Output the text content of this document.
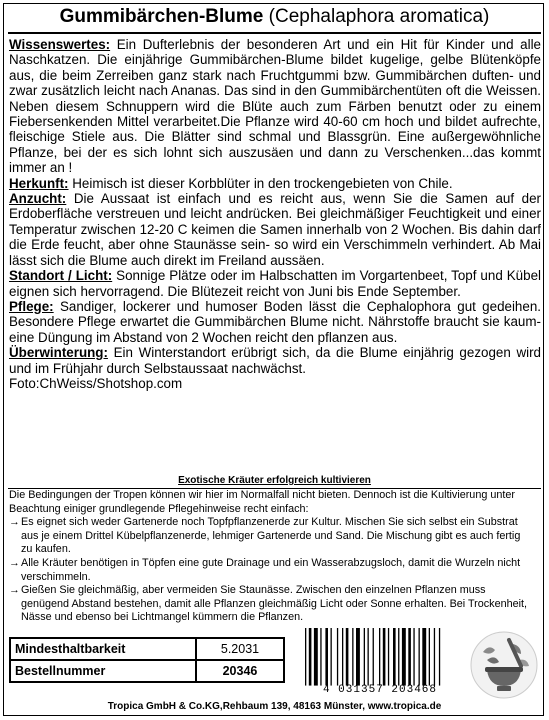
Gummibärchen-Blume (Cephalaphora aromatica)

Wissenswertes: Ein Dufterlebnis der besonderen Art und ein Hit für Kinder und alle Naschkatzen. Die einjährige Gummibärchen-Blume bildet kugelige, gelbe Blütenköpfe aus, die beim Zerreiben ganz stark nach Fruchtgummi bzw. Gummibärchen duften- und zwar zusätzlich leicht nach Ananas. Das sind in den Gummibärchentüten oft die Weissen. Neben diesem Schnuppern wird die Blüte auch zum Färben benutzt oder zu einem Fiebersenkenden Mittel verarbeitet.Die Pflanze wird 40-60 cm hoch und bildet aufrechte, fleischige Stiele aus. Die Blätter sind schmal und Blassgrün. Eine außergewöhnliche Pflanze, bei der es sich lohnt sich auszusäen und dann zu Verschenken...das kommt immer an !

Herkunft: Heimisch ist dieser Korbblüter in den trockengebieten von Chile.

Anzucht: Die Aussaat ist einfach und es reicht aus, wenn Sie die Samen auf der Erdoberfläche verstreuen und leicht andrücken. Bei gleichmäßiger Feuchtigkeit und einer Temperatur zwischen 12-20 C keimen die Samen innerhalb von 2 Wochen. Bis dahin darf die Erde feucht, aber ohne Staunässe sein- so wird ein Verschimmeln verhindert. Ab Mai lässt sich die Blume auch direkt im Freiland aussäen.

Standort / Licht: Sonnige Plätze oder im Halbschatten im Vorgartenbeet, Topf und Kübel eignen sich hervorragend. Die Blütezeit reicht von Juni bis Ende September.

Pflege: Sandiger, lockerer und humoser Boden lässt die Cephalophora gut gedeihen. Besondere Pflege erwartet die Gummibärchen Blume nicht. Nährstoffe braucht sie kaum-eine Düngung im Abstand von 2 Wochen reicht den pflanzen aus.

Überwinterung: Ein Winterstandort erübrigt sich, da die Blume einjährig gezogen wird und im Frühjahr durch Selbstaussaat nachwächst.

Foto:ChWeiss/Shotshop.com

Exotische Kräuter erfolgreich kultivieren

Die Bedingungen der Tropen können wir hier im Normalfall nicht bieten. Dennoch ist die Kultivierung unter Beachtung einiger grundlegende Pflegehinweise recht einfach:

→ Es eignet sich weder Gartenerde noch Topfpflanzenerde zur Kultur. Mischen Sie sich selbst ein Substrat aus je einem Drittel Kübelpflanzenerde, lehmiger Gartenerde und Sand. Die Mischung gibt es auch fertig zu kaufen.
→ Alle Kräuter benötigen in Töpfen eine gute Drainage und ein Wasserabzugsloch, damit die Wurzeln nicht verschimmeln.
→ Gießen Sie gleichmäßig, aber vermeiden Sie Staunässe. Zwischen den einzelnen Pflanzen muss genügend Abstand bestehen, damit alle Pflanzen gleichmäßig Licht oder Sonne erhalten. Bei Trockenheit, Nässe und ebenso bei Lichtmangel kümmern die Pflanzen.
Mindesthaltbarkeit	5.2031
Bestellnummer	20346
4 031357 203468
Tropica GmbH & Co.KG,Rehbaum 139, 48163 Münster, www.tropica.de
